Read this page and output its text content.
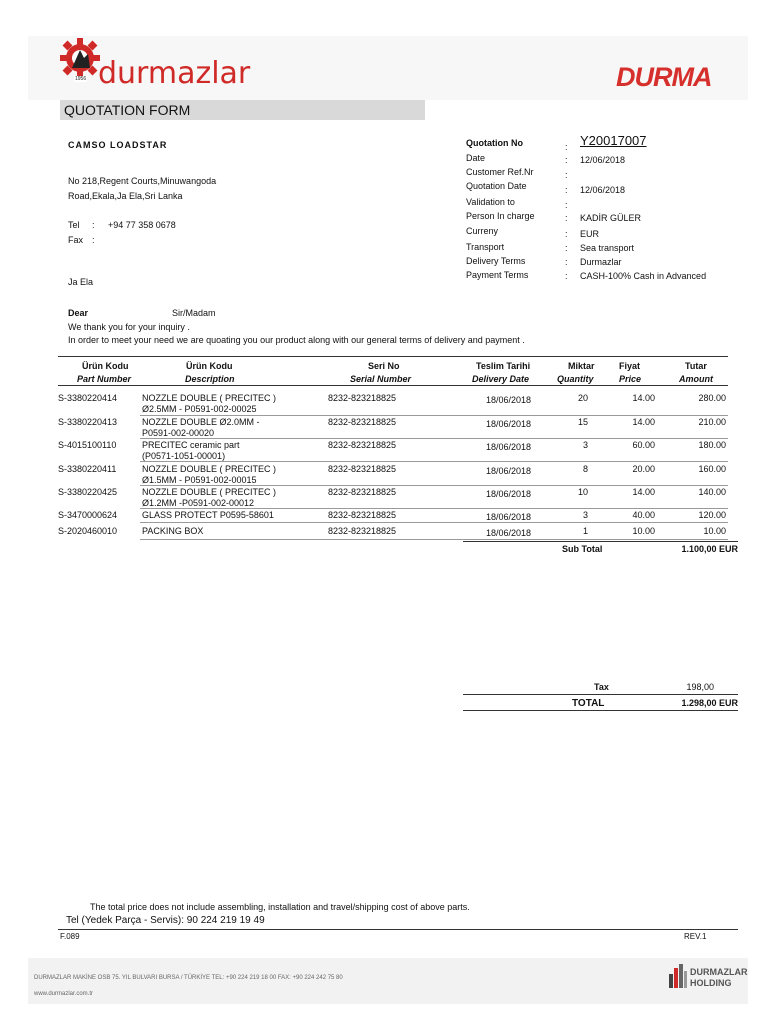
durmazlar
1956	DURMA
QUOTATION FORM
CAMSO LOADSTAR
No 218,Regent Courts,Minuwangoda
Road,Ekala,Ja Ela,Sri Lanka
Tel : +94 77 358 0678
Fax :
Ja Ela
Quotation No	: Y20017007
Date	: 12/06/2018
Customer Ref.Nr	:
Quotation Date	: 12/06/2018
Validation to	:
Person In charge	: KADİR GÜLER
Curreny	: EUR
Transport	: Sea transport
Delivery Terms	: Durmazlar
Payment Terms	: CASH-100% Cash in Advanced
Dear	Sir/Madam
We thank you for your inquiry .
In order to meet your need we are quoating you our product along with our general terms of delivery and payment .
Ürün Kodu	Ürün Kodu	Seri No	Teslim Tarihi	Miktar	Fiyat	Tutar
Part Number	Description	Serial Number	Delivery Date	Quantity	Price	Amount
S-3380220414	NOZZLE DOUBLE ( PRECITEC )	8232-823218825	18/06/2018	20	14.00	280.00
Ø2.5MM - P0591-002-00025
S-3380220413	NOZZLE DOUBLE Ø2.0MM -	8232-823218825	18/06/2018	15	14.00	210.00
P0591-002-00020
S-4015100110	PRECITEC ceramic part	8232-823218825	18/06/2018	3	60.00	180.00
(P0571-1051-00001)
S-3380220411	NOZZLE DOUBLE ( PRECITEC )	8232-823218825	18/06/2018	8	20.00	160.00
Ø1.5MM - P0591-002-00015
S-3380220425	NOZZLE DOUBLE ( PRECITEC )	8232-823218825	18/06/2018	10	14.00	140.00
Ø1.2MM -P0591-002-00012
S-3470000624	GLASS PROTECT P0595-58601	8232-823218825	18/06/2018	3	40.00	120.00
S-2020460010	PACKING BOX	8232-823218825	18/06/2018	1	10.00	10.00
Sub Total	1.100,00 EUR
Tax	198,00
TOTAL	1.298,00 EUR
The total price does not include assembling, installation and travel/shipping cost of above parts.
Tel (Yedek Parça - Servis): 90 224 219 19 49
F.089	REV.1
DURMAZLAR MAKİNE OSB 75. YIL BULVARI BURSA / TÜRKİYE TEL: +90 224 219 18 00 FAX: +90 224 242 75 80
www.durmazlar.com.tr
DURMAZLAR
HOLDING
